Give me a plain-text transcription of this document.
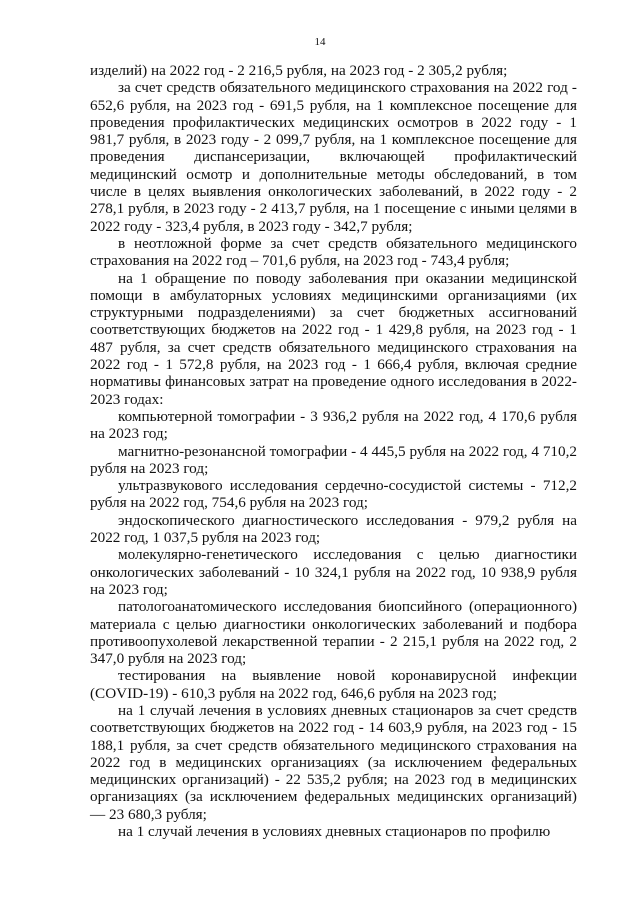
14

изделий) на 2022 год - 2 216,5 рубля, на 2023 год - 2 305,2 рубля;

за счет средств обязательного медицинского страхования на 2022 год - 652,6 рубля, на 2023 год - 691,5 рубля, на 1 комплексное посещение для проведения профилактических медицинских осмотров в 2022 году - 1 981,7 рубля, в 2023 году - 2 099,7 рубля, на 1 комплексное посещение для проведения диспансеризации, включающей профилактический медицинский осмотр и дополнительные методы обследований, в том числе в целях выявления онкологических заболеваний, в 2022 году - 2 278,1 рубля, в 2023 году - 2 413,7 рубля, на 1 посещение с иными целями в 2022 году - 323,4 рубля, в 2023 году - 342,7 рубля;

в неотложной форме за счет средств обязательного медицинского страхования на 2022 год – 701,6 рубля, на 2023 год - 743,4 рубля;

на 1 обращение по поводу заболевания при оказании медицинской помощи в амбулаторных условиях медицинскими организациями (их структурными подразделениями) за счет бюджетных ассигнований соответствующих бюджетов на 2022 год - 1 429,8 рубля, на 2023 год - 1 487 рубля, за счет средств обязательного медицинского страхования на 2022 год - 1 572,8 рубля, на 2023 год - 1 666,4 рубля, включая средние нормативы финансовых затрат на проведение одного исследования в 2022-2023 годах:

компьютерной томографии - 3 936,2 рубля на 2022 год, 4 170,6 рубля на 2023 год;

магнитно-резонансной томографии - 4 445,5 рубля на 2022 год, 4 710,2 рубля на 2023 год;

ультразвукового исследования сердечно-сосудистой системы - 712,2 рубля на 2022 год, 754,6 рубля на 2023 год;

эндоскопического диагностического исследования - 979,2 рубля на 2022 год, 1 037,5 рубля на 2023 год;

молекулярно-генетического исследования с целью диагностики онкологических заболеваний - 10 324,1 рубля на 2022 год, 10 938,9 рубля на 2023 год;

патологоанатомического исследования биопсийного (операционного) материала с целью диагностики онкологических заболеваний и подбора противоопухолевой лекарственной терапии - 2 215,1 рубля на 2022 год, 2 347,0 рубля на 2023 год;

тестирования на выявление новой коронавирусной инфекции (COVID-19) - 610,3 рубля на 2022 год, 646,6 рубля на 2023 год;

на 1 случай лечения в условиях дневных стационаров за счет средств соответствующих бюджетов на 2022 год - 14 603,9 рубля, на 2023 год - 15 188,1 рубля, за счет средств обязательного медицинского страхования на 2022 год в медицинских организациях (за исключением федеральных медицинских организаций) - 22 535,2 рубля; на 2023 год в медицинских организациях (за исключением федеральных медицинских организаций) — 23 680,3 рубля;

на 1 случай лечения в условиях дневных стационаров по профилю
